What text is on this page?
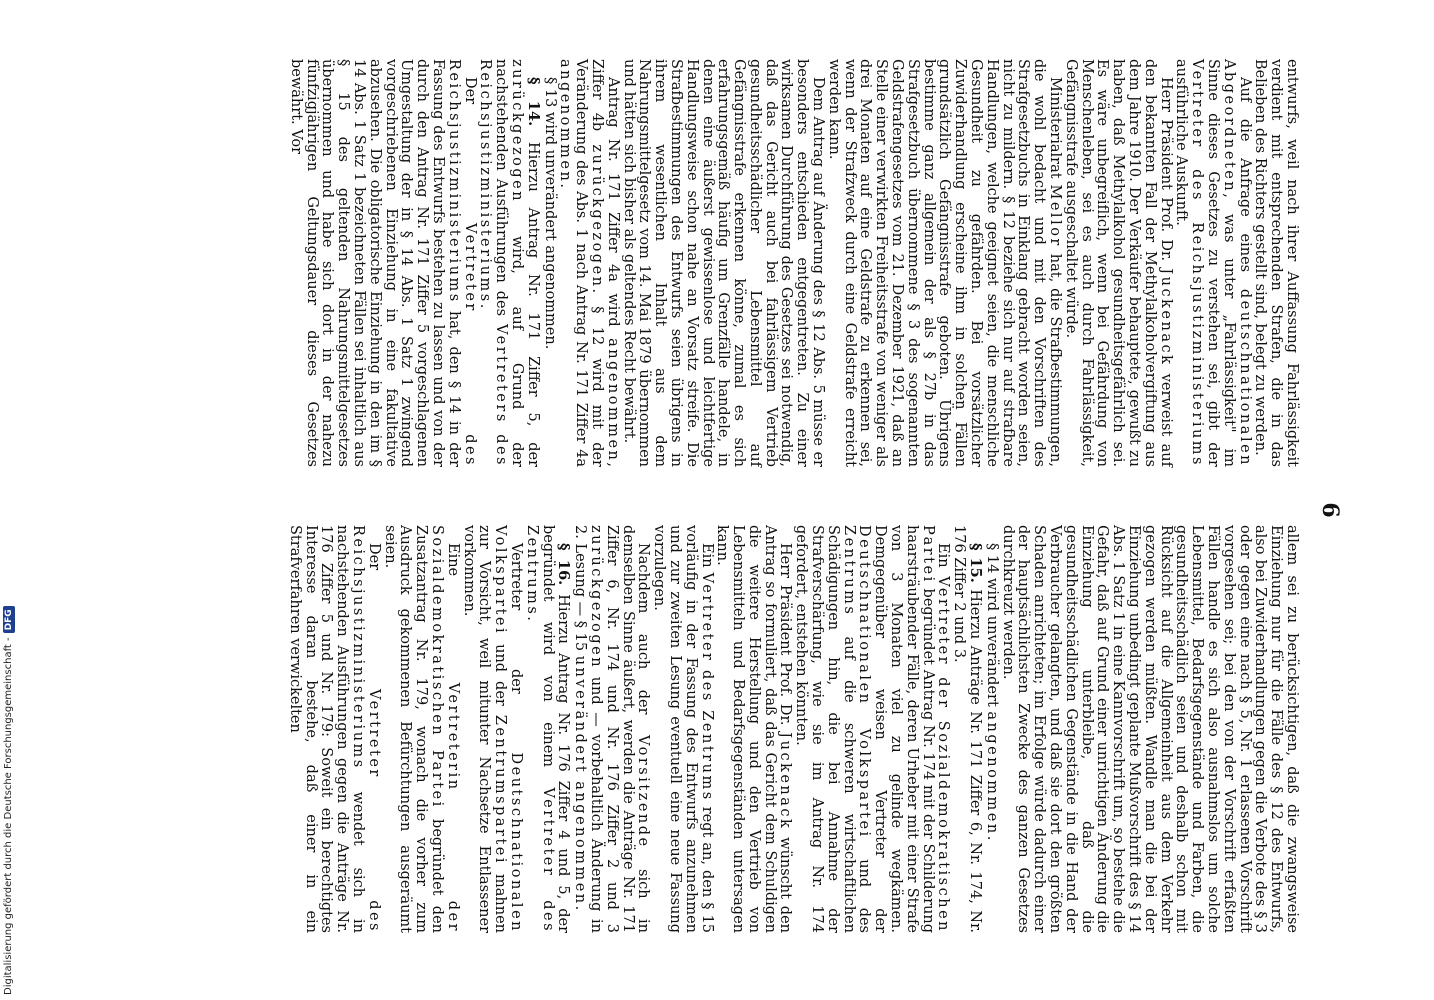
6

entwurfs, weil nach ihrer Auffassung Fahrlässigkeit verdient mit entsprechenden Strafen, die in das Belieben des Richters gestellt sind, belegt zu werden.

Auf die Anfrage eines deutschnationalen Abgeordneten, was unter „Fahrlässigkeit" im Sinne dieses Gesetzes zu verstehen sei, gibt der Vertreter des Reichsjustizministeriums ausführliche Auskunft.

Herr Präsident Prof. Dr. Juckenack verweist auf den bekannten Fall der Methylalkoholvergiftung aus dem Jahre 1910. Der Verkäufer behauptete, gewußt zu haben, daß Methylalkohol gesundheitsgefährlich sei. Es wäre unbegreiflich, wenn bei Gefährdung von Menschenleben, sei es auch durch Fahrlässigkeit, Gefängnisstrafe ausgeschaltet würde.

Ministerialrat Mellor hat, die Strafbestimmungen, die wohl bedacht und mit den Vorschriften des Strafgesetzbuchs in Einklang gebracht worden seien, nicht zu mildern. § 12 beziehe sich nur auf strafbare Handlungen, welche geeignet seien, die menschliche Gesundheit zu gefährden. Bei vorsätzlicher Zuwiderhandlung erscheine ihm in solchen Fällen grundsätzlich Gefängnisstrafe geboten. Übrigens bestimme ganz allgemein der als § 27b in das Strafgesetzbuch übernommene § 3 des sogenannten Geldstrafengesetzes vom 21. Dezember 1921, daß an Stelle einer verwirkten Freiheitsstrafe von weniger als drei Monaten auf eine Geldstrafe zu erkennen sei, wenn der Strafzweck durch eine Geldstrafe erreicht werden kann.

Dem Antrag auf Änderung des § 12 Abs. 5 müsse er besonders entschieden entgegentreten. Zu einer wirksamen Durchführung des Gesetzes sei notwendig, daß das Gericht auch bei fahrlässigem Vertrieb gesundheitsschädlicher Lebensmittel auf Gefängnisstrafe erkennen könne, zumal es sich erfahrungsgemäß häufig um Grenzfälle handele, in denen eine äußerst gewissenlose und leichtfertige Handlungsweise schon nahe an Vorsatz streife. Die Strafbestimmungen des Entwurfs seien übrigens in ihrem wesentlichen Inhalt aus dem Nahrungsmittelgesetz vom 14. Mai 1879 übernommen und hätten sich bisher als geltendes Recht bewährt.

Antrag Nr. 171 Ziffer 4a wird angenommen, Ziffer 4b zurückgezogen. § 12 wird mit der Veränderung des Abs. 1 nach Antrag Nr. 171 Ziffer 4a angenommen.

§ 13 wird unverändert angenommen.

§ 14. Hierzu Antrag Nr. 171 Ziffer 5, der zurückgezogen wird, auf Grund der nachstehenden Ausführungen des Vertreters des Reichsjustizministeriums.

Der Vertreter des Reichsjustizministeriums hat, den § 14 in der Fassung des Entwurfs bestehen zu lassen und von der durch den Antrag Nr. 171 Ziffer 5 vorgeschlagenen Umgestaltung der in § 14 Abs. 1 Satz 1 zwingend vorgeschriebenen Einziehung in eine fakultative abzusehen. Die obligatorische Einziehung in den im § 14 Abs. 1 Satz 1 bezeichneten Fällen sei inhaltlich aus § 15 des geltenden Nahrungsmittelgesetzes übernommen und habe sich dort in der nahezu fünfzigjährigen Geltungsdauer dieses Gesetzes bewährt. Vor

allem sei zu berücksichtigen, daß die zwangsweise Einziehung nur für die Fälle des § 12 des Entwurfs, also bei Zuwiderhandlungen gegen die Verbote des § 3 oder gegen eine nach § 5, Nr. 1 erlassenen Vorschrift vorgesehen sei; bei den von der Vorschrift erfaßten Fällen handle es sich also ausnahmslos um solche Lebensmittel, Bedarfsgegenstände und Farben, die gesundheitsschädlich seien und deshalb schon mit Rücksicht auf die Allgemeinheit aus dem Verkehr gezogen werden müßten. Wandle man die bei der Einziehung unbedingt geplante Mußvorschrift des § 14 Abs. 1 Satz 1 in eine Kannvorschrift um, so bestehe die Gefahr, daß auf Grund einer unrichtigen Änderung die Einziehung unterbleibe, daß die gesundheitsschädlichen Gegenstände in die Hand der Verbraucher gelangten, und daß sie dort den größten Schaden anrichteten; im Erfolge würde dadurch einer der hauptsächlichsten Zwecke des ganzen Gesetzes durchkreuzt werden.

§ 14 wird unverändert angenommen.

§ 15. Hierzu Anträge Nr. 171 Ziffer 6, Nr. 174, Nr. 176 Ziffer 2 und 3.

Ein Vertreter der Sozialdemokratischen Partei begründet Antrag Nr. 174 mit der Schilderung haarsträubender Fälle, deren Urheber mit einer Strafe von 3 Monaten viel zu gelinde wegkämen. Demgegenüber weisen Vertreter der Deutschnationalen Volkspartei und des Zentrums auf die schweren wirtschaftlichen Schädigungen hin, die bei Annahme der Strafverschärfung, wie sie im Antrag Nr. 174 gefordert, entstehen könnten.

Herr Präsident Prof. Dr. Juckenack wünscht den Antrag so formuliert, daß das Gericht dem Schuldigen die weitere Herstellung und den Vertrieb von Lebensmitteln und Bedarfsgegenständen untersagen kann.

Ein Vertreter des Zentrums regt an, den § 15 vorläufig in der Fassung des Entwurfs anzunehmen und zur zweiten Lesung eventuell eine neue Fassung vorzulegen.

Nachdem auch der Vorsitzende sich in demselben Sinne äußert, werden die Anträge Nr. 171 Ziffer 6, Nr. 174 und Nr. 176 Ziffer 2 und 3 zurückgezogen und — vorbehaltlich Änderung in 2. Lesung — § 15 unverändert angenommen.

§ 16. Hierzu Antrag Nr. 176 Ziffer 4 und 5, der begründet wird von einem Vertreter des Zentrums.

Vertreter der Deutschnationalen Volkspartei und der Zentrumspartei mahnen zur Vorsicht, weil mitunter Nachsetze Entlassener vorkommen.

Eine Vertreterin der Sozialdemokratischen Partei begründet den Zusatzantrag Nr. 179, wonach die vorher zum Ausdruck gekommenen Befürchtungen ausgeräumt seien.

Der Vertreter des Reichsjustizministeriums wendet sich in nachstehenden Ausführungen gegen die Anträge Nr. 176 Ziffer 5 und Nr. 179: Soweit ein berechtigtes Interesse daran bestehe, daß einer in ein Strafverfahren verwickelten

Digitalisierung gefördert durch die Deutsche Forschungsgemeinschaft -DFG
